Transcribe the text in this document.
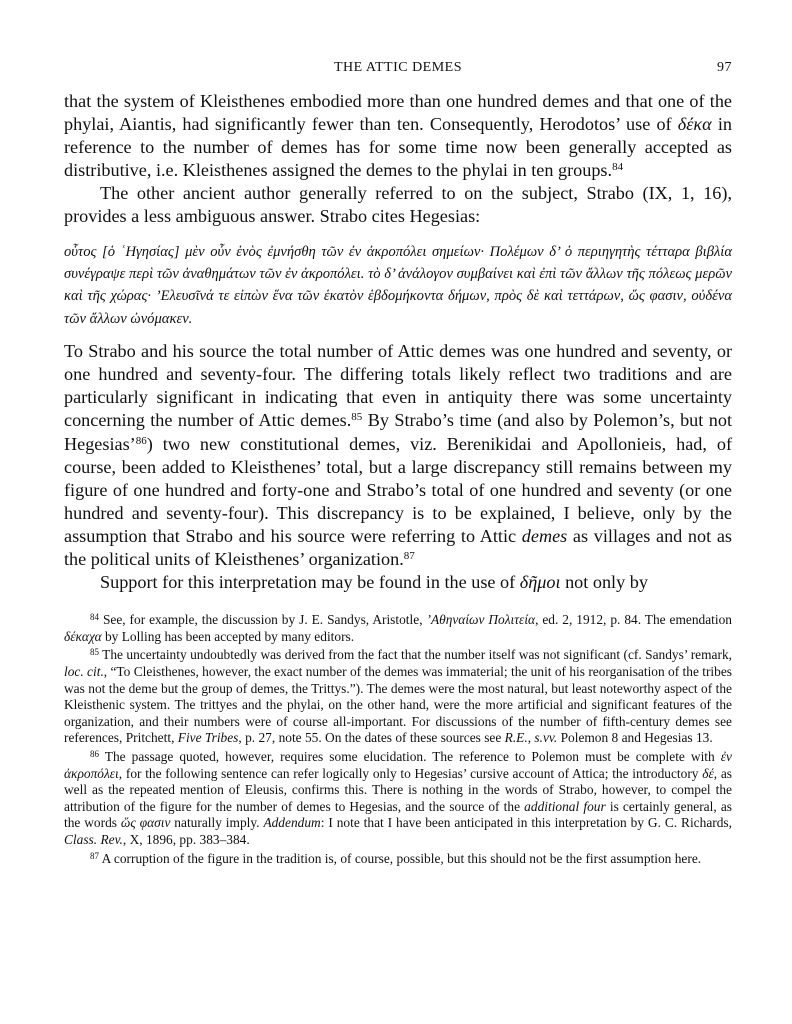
THE ATTIC DEMES	97

that the system of Kleisthenes embodied more than one hundred demes and that one of the phylai, Aiantis, had significantly fewer than ten. Consequently, Herodotos’ use of δέκα in reference to the number of demes has for some time now been generally accepted as distributive, i.e. Kleisthenes assigned the demes to the phylai in ten groups.$^{84}$

The other ancient author generally referred to on the subject, Strabo (IX, 1, 16), provides a less ambiguous answer. Strabo cites Hegesias:

οὗτος [ὁ ʿΗγησίας] μὲν οὖν ἑνὸς ἐμνήσθη τῶν ἐν ἀκροπόλει σημείων· Πολέμων δ’ ὁ περιηγητὴς τέτταρα βιβλία συνέγραψε περὶ τῶν ἀναθημάτων τῶν ἐν ἀκροπόλει. τὸ δ’ ἀνάλογον συμβαίνει καὶ ἐπὶ τῶν ἄλλων τῆς πόλεως μερῶν καὶ τῆς χώρας· ’Ελευσῖνά τε εἰπὼν ἕνα τῶν ἑκατὸν ἑβδομήκοντα δήμων, πρὸς δὲ καὶ τεττάρων, ὥς φασιν, οὐδένα τῶν ἄλλων ὠνόμακεν.

To Strabo and his source the total number of Attic demes was one hundred and seventy, or one hundred and seventy-four. The differing totals likely reflect two traditions and are particularly significant in indicating that even in antiquity there was some uncertainty concerning the number of Attic demes.$^{85}$ By Strabo’s time (and also by Polemon’s, but not Hegesias’$^{86}$) two new constitutional demes, viz. Berenikidai and Apollonieis, had, of course, been added to Kleisthenes’ total, but a large discrepancy still remains between my figure of one hundred and forty-one and Strabo’s total of one hundred and seventy (or one hundred and seventy-four). This discrepancy is to be explained, I believe, only by the assumption that Strabo and his source were referring to Attic demes as villages and not as the political units of Kleisthenes’ organization.$^{87}$

Support for this interpretation may be found in the use of δῆμοι not only by

$^{84}$ See, for example, the discussion by J. E. Sandys, Aristotle, ’Αθηναίων Πολιτεία, ed. 2, 1912, p. 84. The emendation δέκαχα by Lolling has been accepted by many editors.

$^{85}$ The uncertainty undoubtedly was derived from the fact that the number itself was not significant (cf. Sandys’ remark, loc. cit., “To Cleisthenes, however, the exact number of the demes was immaterial; the unit of his reorganisation of the tribes was not the deme but the group of demes, the Trittys.”). The demes were the most natural, but least noteworthy aspect of the Kleisthenic system. The trittyes and the phylai, on the other hand, were the more artificial and significant features of the organization, and their numbers were of course all-important. For discussions of the number of fifth-century demes see references, Pritchett, Five Tribes, p. 27, note 55. On the dates of these sources see R.E., s.vv. Polemon 8 and Hegesias 13.

$^{86}$ The passage quoted, however, requires some elucidation. The reference to Polemon must be complete with ἐν ἀκροπόλει, for the following sentence can refer logically only to Hegesias’ cursive account of Attica; the introductory δέ, as well as the repeated mention of Eleusis, confirms this. There is nothing in the words of Strabo, however, to compel the attribution of the figure for the number of demes to Hegesias, and the source of the additional four is certainly general, as the words ὥς φασιν naturally imply. Addendum: I note that I have been anticipated in this interpretation by G. C. Richards, Class. Rev., X, 1896, pp. 383–384.

$^{87}$ A corruption of the figure in the tradition is, of course, possible, but this should not be the first assumption here.
